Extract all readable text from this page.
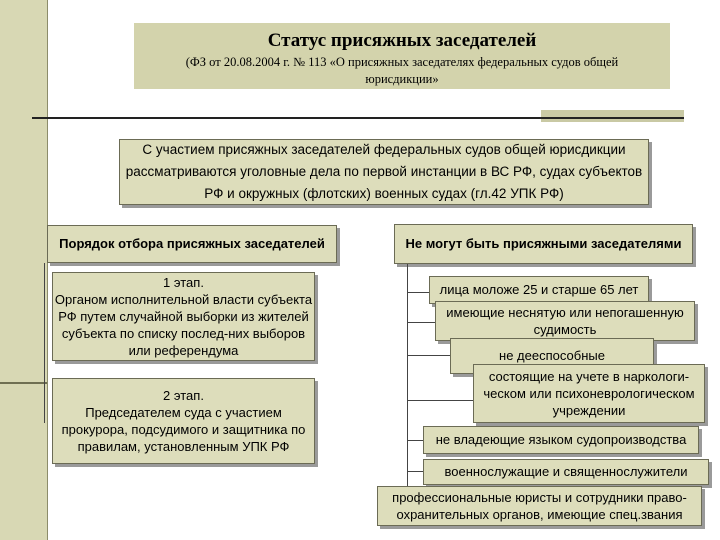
Статус присяжных заседателей
(ФЗ от 20.08.2004 г. № 113 «О присяжных заседателях федеральных судов общей юрисдикции»
С участием присяжных заседателей федеральных судов общей юрисдикции рассматриваются уголовные дела по первой инстанции в ВС РФ, судах субъектов РФ и окружных (флотских) военных судах (гл.42 УПК РФ)
Порядок отбора присяжных заседателей
1 этап.
Органом исполнительной власти субъекта РФ путем случайной выборки из жителей субъекта по списку послед-них выборов или референдума
2 этап.
Председателем суда с участием прокурора, подсудимого и защитника по правилам, установленным УПК РФ
Не могут быть присяжными заседателями
лица моложе 25 и старше 65 лет
имеющие неснятую или непогашенную судимость
не дееспособные
состоящие на учете в наркологи-ческом или психоневрологическом учреждении
не владеющие языком судопроизводства
военнослужащие и священнослужители
профессиональные юристы и сотрудники право-охранительных органов, имеющие спец.звания
